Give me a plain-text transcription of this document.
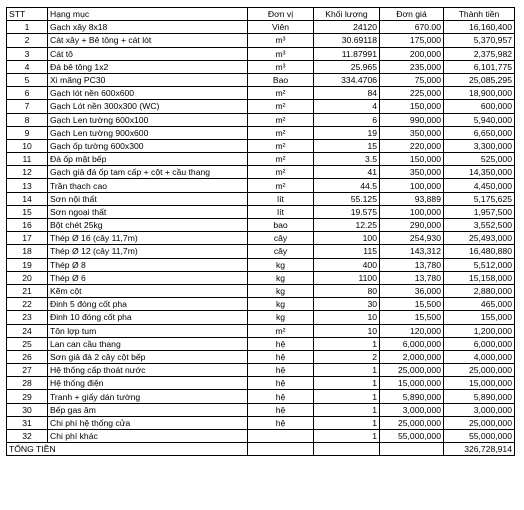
STT	Hạng mục	Đơn vị	Khối lượng	Đơn giá	Thành tiền
1	Gạch xây 8x18	Viên	24120	670.00	16,160,400
2	Cát xây + Bê tông + cát lót	m³	30.69118	175,000	5,370,957
3	Cát tô	m³	11.87991	200,000	2,375,982
4	Đá bê tông 1x2	m³	25.965	235,000	6,101,775
5	Xi măng PC30	Bao	334.4706	75,000	25,085,295
6	Gạch lót nền 600x600	m²	84	225,000	18,900,000
7	Gạch Lót nền 300x300 (WC)	m²	4	150,000	600,000
8	Gạch Len tường 600x100	m²	6	990,000	5,940,000
9	Gạch Len tường 900x600	m²	19	350,000	6,650,000
10	Gạch ốp tường 600x300	m²	15	220,000	3,300,000
11	Đá ốp mặt bếp	m²	3.5	150,000	525,000
12	Gạch giả đá ốp tam cấp + cột + cầu thang	m²	41	350,000	14,350,000
13	Trần thạch cao	m²	44.5	100,000	4,450,000
14	Sơn nội thất	lít	55.125	93,889	5,175,625
15	Sơn ngoại thất	lít	19.575	100,000	1,957,500
16	Bột chét 25kg	bao	12.25	290,000	3,552,500
17	Thép Ø 16 (cây 11,7m)	cây	100	254,930	25,493,000
18	Thép Ø 12 (cây 11,7m)	cây	115	143,312	16,480,880
19	Thép Ø 8	kg	400	13,780	5,512,000
20	Thép Ø 6	kg	1100	13,780	15,158,000
21	Kẽm cột	kg	80	36,000	2,880,000
22	Đinh 5 đóng cốt pha	kg	30	15,500	465,000
23	Đinh 10 đóng cốt pha	kg	10	15,500	155,000
24	Tôn lợp tum	m²	10	120,000	1,200,000
25	Lan can cầu thang	hệ	1	6,000,000	6,000,000
26	Sơn giả đá 2 cây cột bếp	hệ	2	2,000,000	4,000,000
27	Hệ thống cấp thoát nước	hệ	1	25,000,000	25,000,000
28	Hệ thống điện	hệ	1	15,000,000	15,000,000
29	Tranh + giấy dán tường	hệ	1	5,890,000	5,890,000
30	Bếp gas âm	hệ	1	3,000,000	3,000,000
31	Chi phí hệ thống cửa	hệ	1	25,000,000	25,000,000
32	Chi phí khác		1	55,000,000	55,000,000
TỔNG TIỀN					326,728,914
